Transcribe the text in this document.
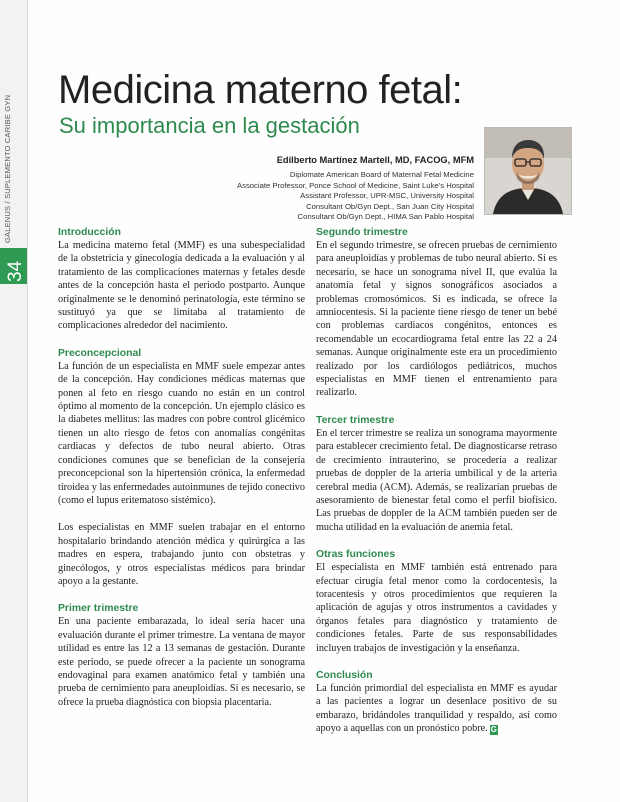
GALENUS / SUPLEMENTO CARIBE GYN
34
Medicina materno fetal:
Su importancia en la gestación
Edilberto Martínez Martell, MD, FACOG, MFM
Diplomate American Board of Maternal Fetal Medicine
Associate Professor, Ponce School of Medicine, Saint Luke’s Hospital
Assistant Professor, UPR-MSC, University Hospital
Consultant Ob/Gyn Dept., San Juan City Hospital
Consultant Ob/Gyn Dept., HIMA San Pablo Hospital
Introducción

La medicina materno fetal (MMF) es una subespecialidad de la obstetricia y ginecología dedicada a la evaluación y al tratamiento de las complicaciones maternas y fetales desde antes de la concepción hasta el periodo postparto. Aunque originalmente se le denominó perinatología, este término se sustituyó ya que se limitaba al tratamiento de complicaciones alrededor del nacimiento.

Preconcepcional

La función de un especialista en MMF suele empezar antes de la concepción. Hay condiciones médicas maternas que ponen al feto en riesgo cuando no están en un control óptimo al momento de la concepción. Un ejemplo clásico es la diabetes mellitus: las madres con pobre control glicémico tienen un alto riesgo de fetos con anomalías congénitas cardiacas y defectos de tubo neural abierto. Otras condiciones comunes que se benefician de la consejería preconcepcional son la hipertensión crónica, la enfermedad tiroidea y las enfermedades autoinmunes de tejido conectivo (como el lupus eritematoso sistémico).

Los especialistas en MMF suelen trabajar en el entorno hospitalario brindando atención médica y quirúrgica a las madres en espera, trabajando junto con obstetras y ginecólogos, y otros especialistas médicos para brindar apoyo a la gestante.

Primer trimestre

En una paciente embarazada, lo ideal sería hacer una evaluación durante el primer trimestre. La ventana de mayor utilidad es entre las 12 a 13 semanas de gestación. Durante este periodo, se puede ofrecer a la paciente un sonograma endovaginal para examen anatómico fetal y también una prueba de cernimiento para aneuploidías. Si es necesario, se ofrece la prueba diagnóstica con biopsia placentaria.

Segundo trimestre

En el segundo trimestre, se ofrecen pruebas de cernimiento para aneuploidías y problemas de tubo neural abierto. Si es necesario, se hace un sonograma nivel II, que evalúa la anatomía fetal y signos sonográficos asociados a problemas cromosómicos. Si es indicada, se ofrece la amniocentesis. Si la paciente tiene riesgo de tener un bebé con problemas cardiacos congénitos, entonces es recomendable un ecocardiograma fetal entre las 22 a 24 semanas. Aunque originalmente este era un procedimiento realizado por los cardiólogos pediátricos, muchos especialistas en MMF tienen el entrenamiento para realizarlo.

Tercer trimestre

En el tercer trimestre se realiza un sonograma mayormente para establecer crecimiento fetal. De diagnosticarse retraso de crecimiento intrauterino, se procedería a realizar pruebas de doppler de la arteria umbilical y de la arteria cerebral media (ACM). Además, se realizarían pruebas de asesoramiento de bienestar fetal como el perfil biofísico. Las pruebas de doppler de la ACM también pueden ser de mucha utilidad en la evaluación de anemia fetal.

Otras funciones

El especialista en MMF también está entrenado para efectuar cirugía fetal menor como la cordocentesis, la toracentesis y otros procedimientos que requieren la aplicación de agujas y otros instrumentos a cavidades y órganos fetales para diagnóstico y tratamiento de condiciones fetales. Parte de sus responsabilidades incluyen trabajos de investigación y la enseñanza.

Conclusión

La función primordial del especialista en MMF es ayudar a las pacientes a lograr un desenlace positivo de su embarazo, bridándoles tranquilidad y respaldo, así como apoyo a aquellas con un pronóstico pobre. G
